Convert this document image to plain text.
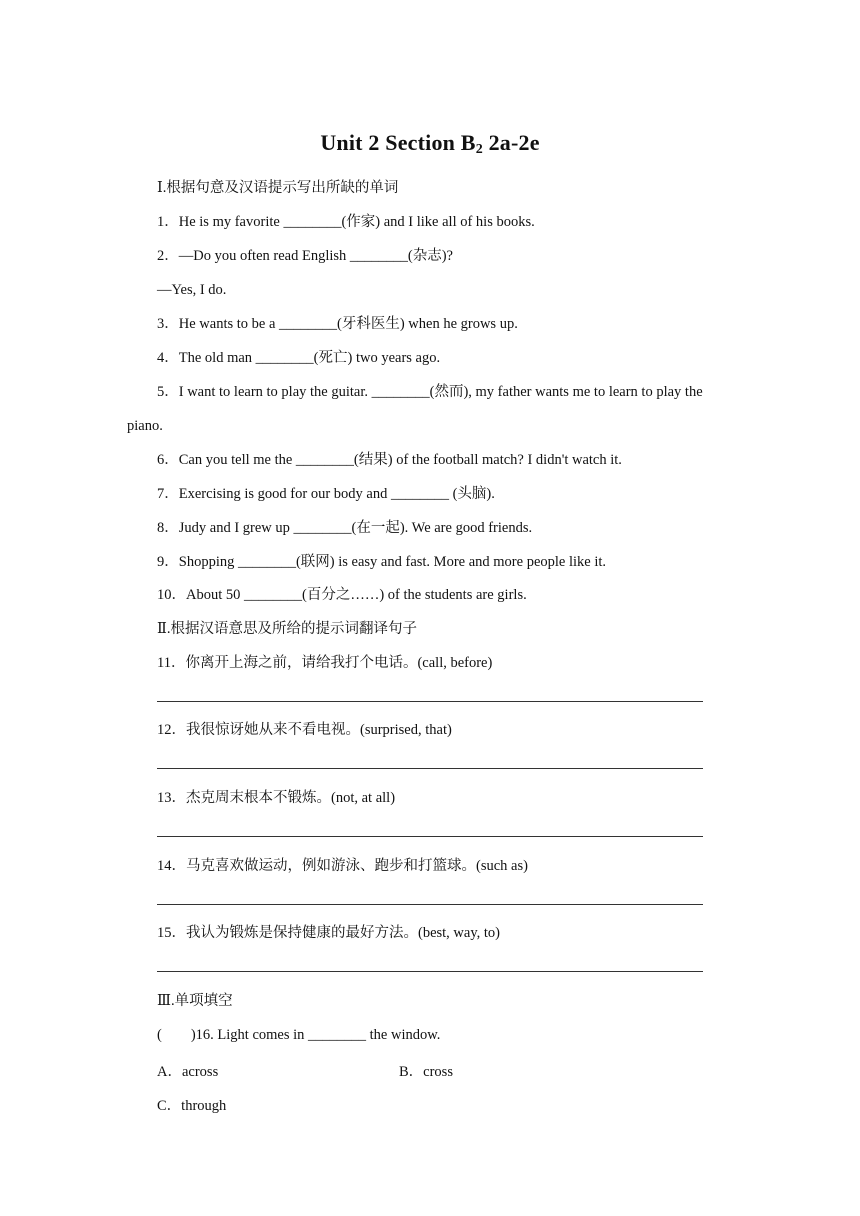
Unit 2 Section $B_2$ 2a-2e
Ⅰ.根据句意及汉语提示写出所缺的单词
1．He is my favorite ________(作家) and I like all of his books.
2．—Do you often read English ________(杂志)?
—Yes, I do.
3．He wants to be a ________(牙科医生) when he grows up.
4．The old man ________(死亡) two years ago.
5．I want to learn to play the guitar. ________(然而), my father wants me to learn to play the
piano.
6．Can you tell me the ________(结果) of the football match? I didn't watch it.
7．Exercising is good for our body and ________ (头脑).
8．Judy and I grew up ________(在一起). We are good friends.
9．Shopping ________(联网) is easy and fast. More and more people like it.
10．About 50 ________(百分之……) of the students are girls.
Ⅱ.根据汉语意思及所给的提示词翻译句子
11．你离开上海之前，请给我打个电话。(call, before)
12．我很惊讶她从来不看电视。(surprised, that)
13．杰克周末根本不锻炼。(not, at all)
14．马克喜欢做运动，例如游泳、跑步和打篮球。(such as)
15．我认为锻炼是保持健康的最好方法。(best, way, to)
Ⅲ.单项填空
(　　)16. Light comes in ________ the window.
A．across	B．cross
C．through
